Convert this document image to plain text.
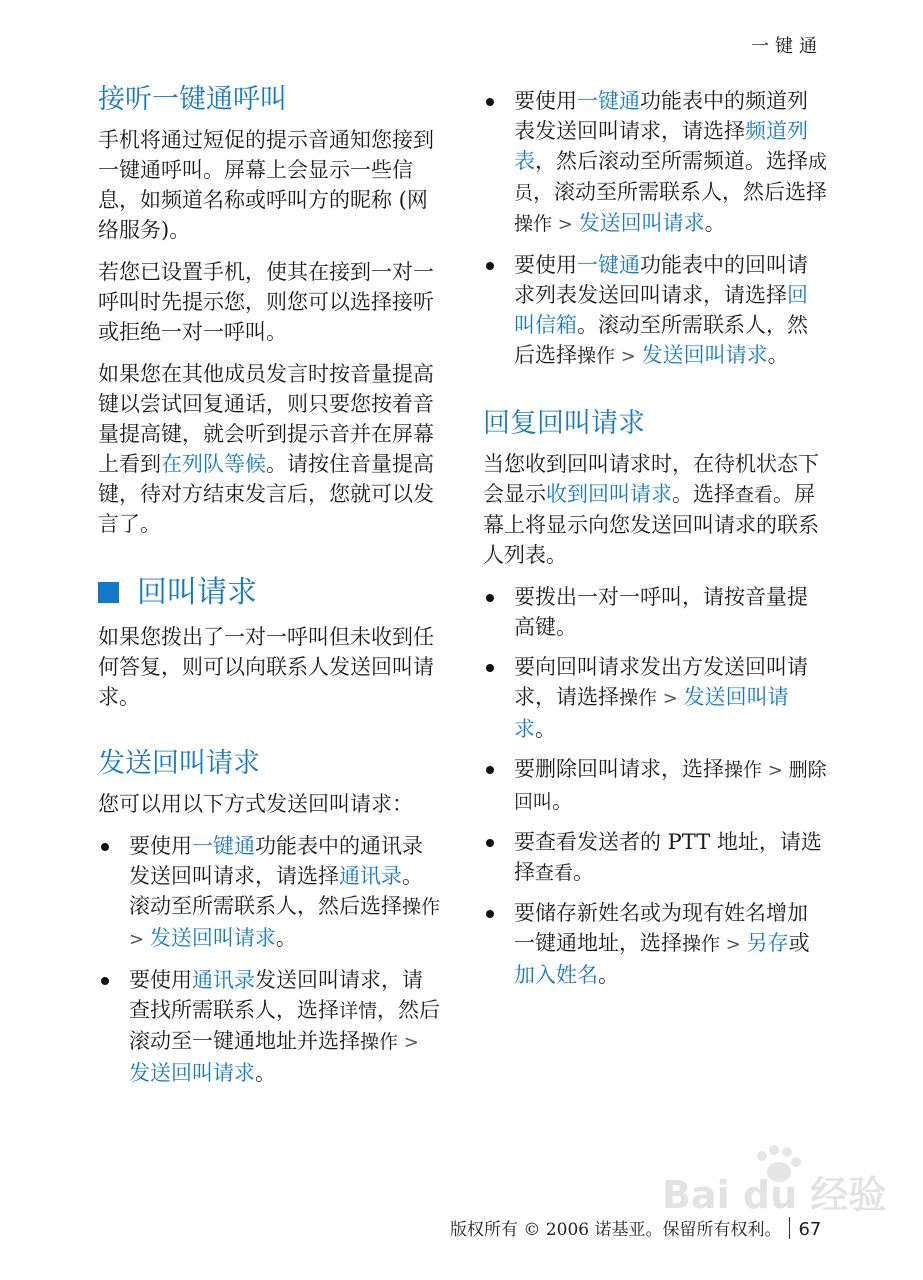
一键通
接听一键通呼叫

手机将通过短促的提示音通知您接到一键通呼叫。屏幕上会显示一些信息，如频道名称或呼叫方的昵称 (网络服务)。

若您已设置手机，使其在接到一对一呼叫时先提示您，则您可以选择接听或拒绝一对一呼叫。

如果您在其他成员发言时按音量提高键以尝试回复通话，则只要您按着音量提高键，就会听到提示音并在屏幕上看到在列队等候。请按住音量提高键，待对方结束发言后，您就可以发言了。

回叫请求

如果您拨出了一对一呼叫但未收到任何答复，则可以向联系人发送回叫请求。

发送回叫请求

您可以用以下方式发送回叫请求：

要使用一键通功能表中的通讯录发送回叫请求，请选择通讯录。滚动至所需联系人，然后选择操作 > 发送回叫请求。
要使用通讯录发送回叫请求，请查找所需联系人，选择详情，然后滚动至一键通地址并选择操作 > 发送回叫请求。
要使用一键通功能表中的频道列表发送回叫请求，请选择频道列表，然后滚动至所需频道。选择成员，滚动至所需联系人，然后选择操作 > 发送回叫请求。
要使用一键通功能表中的回叫请求列表发送回叫请求，请选择回叫信箱。滚动至所需联系人，然后选择操作 > 发送回叫请求。
回复回叫请求

当您收到回叫请求时，在待机状态下会显示收到回叫请求。选择查看。屏幕上将显示向您发送回叫请求的联系人列表。

要拨出一对一呼叫，请按音量提高键。
要向回叫请求发出方发送回叫请求，请选择操作 > 发送回叫请求。
要删除回叫请求，选择操作 > 删除回叫。
要查看发送者的 PTT 地址，请选择查看。
要储存新姓名或为现有姓名增加一键通地址，选择操作 > 另存或加入姓名。
Bai du 经验
版权所有 © 2006 诺基亚。保留所有权利。 67
